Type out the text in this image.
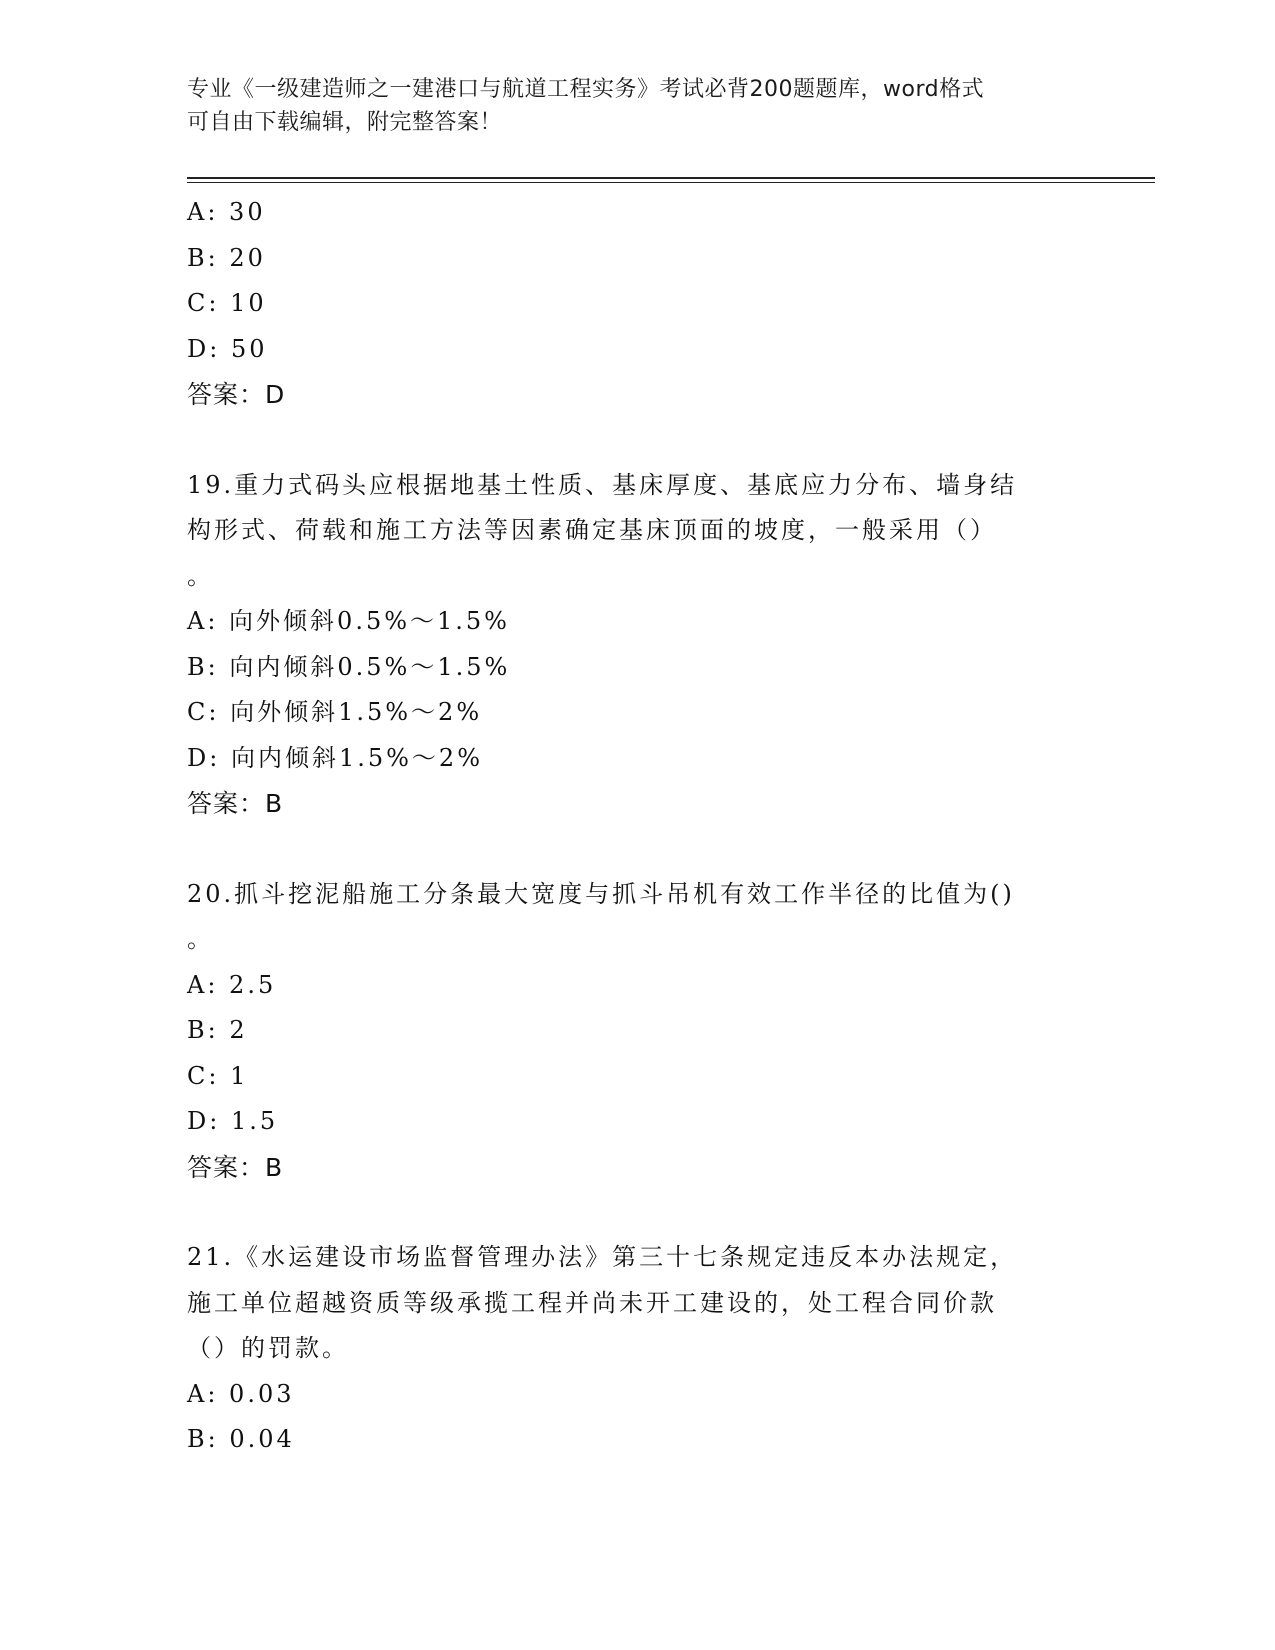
专业《一级建造师之一建港口与航道工程实务》考试必背200题题库，word格式
可自由下载编辑，附完整答案！

A: 30

B: 20

C: 10

D: 50

答案：D

19.重力式码头应根据地基土性质、基床厚度、基底应力分布、墙身结

构形式、荷载和施工方法等因素确定基床顶面的坡度，一般采用（）

。

A: 向外倾斜0.5%～1.5%

B: 向内倾斜0.5%～1.5%

C: 向外倾斜1.5%～2%

D: 向内倾斜1.5%～2%

答案：B

20.抓斗挖泥船施工分条最大宽度与抓斗吊机有效工作半径的比值为()

。

A: 2.5

B: 2

C: 1

D: 1.5

答案：B

21.《水运建设市场监督管理办法》第三十七条规定违反本办法规定，

施工单位超越资质等级承揽工程并尚未开工建设的，处工程合同价款

（）的罚款。

A: 0.03

B: 0.04
